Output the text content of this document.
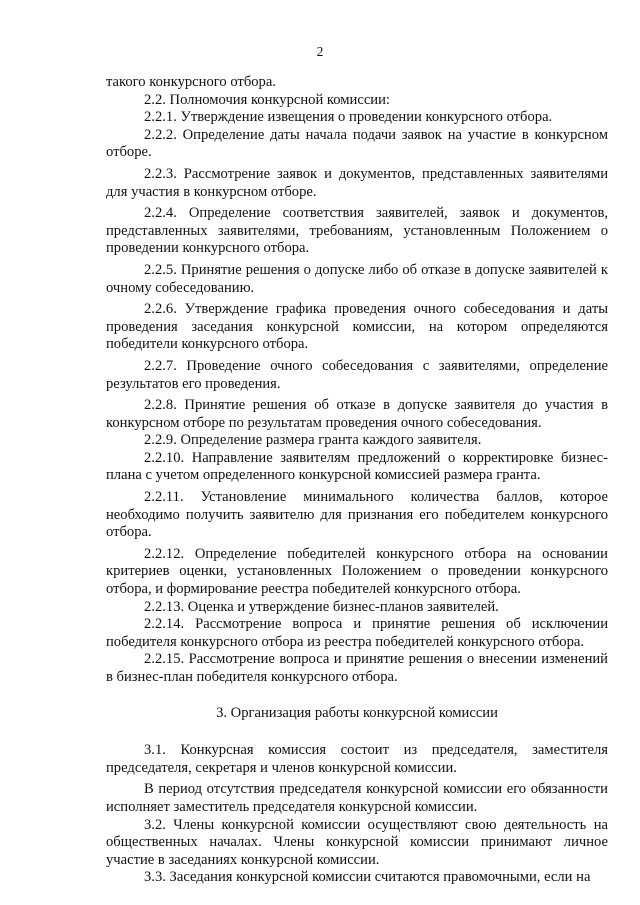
2

такого конкурсного отбора.

2.2. Полномочия конкурсной комиссии:

2.2.1. Утверждение извещения о проведении конкурсного отбора.

2.2.2. Определение даты начала подачи заявок на участие в конкурсном отборе.

2.2.3. Рассмотрение заявок и документов, представленных заявителями для участия в конкурсном отборе.

2.2.4. Определение соответствия заявителей, заявок и документов, представленных заявителями, требованиям, установленным Положением о проведении конкурсного отбора.

2.2.5. Принятие решения о допуске либо об отказе в допуске заявителей к очному собеседованию.

2.2.6. Утверждение графика проведения очного собеседования и даты проведения заседания конкурсной комиссии, на котором определяются победители конкурсного отбора.

2.2.7. Проведение очного собеседования с заявителями, определение результатов его проведения.

2.2.8. Принятие решения об отказе в допуске заявителя до участия в конкурсном отборе по результатам проведения очного собеседования.

2.2.9. Определение размера гранта каждого заявителя.

2.2.10. Направление заявителям предложений о корректировке бизнес-плана с учетом определенного конкурсной комиссией размера гранта.

2.2.11. Установление минимального количества баллов, которое необходимо получить заявителю для признания его победителем конкурсного отбора.

2.2.12. Определение победителей конкурсного отбора на основании критериев оценки, установленных Положением о проведении конкурсного отбора, и формирование реестра победителей конкурсного отбора.

2.2.13. Оценка и утверждение бизнес-планов заявителей.

2.2.14. Рассмотрение вопроса и принятие решения об исключении победителя конкурсного отбора из реестра победителей конкурсного отбора.

2.2.15. Рассмотрение вопроса и принятие решения о внесении изменений в бизнес-план победителя конкурсного отбора.

3. Организация работы конкурсной комиссии

3.1. Конкурсная комиссия состоит из председателя, заместителя председателя, секретаря и членов конкурсной комиссии.

В период отсутствия председателя конкурсной комиссии его обязанности исполняет заместитель председателя конкурсной комиссии.

3.2. Члены конкурсной комиссии осуществляют свою деятельность на общественных началах. Члены конкурсной комиссии принимают личное участие в заседаниях конкурсной комиссии.

3.3. Заседания конкурсной комиссии считаются правомочными, если на
